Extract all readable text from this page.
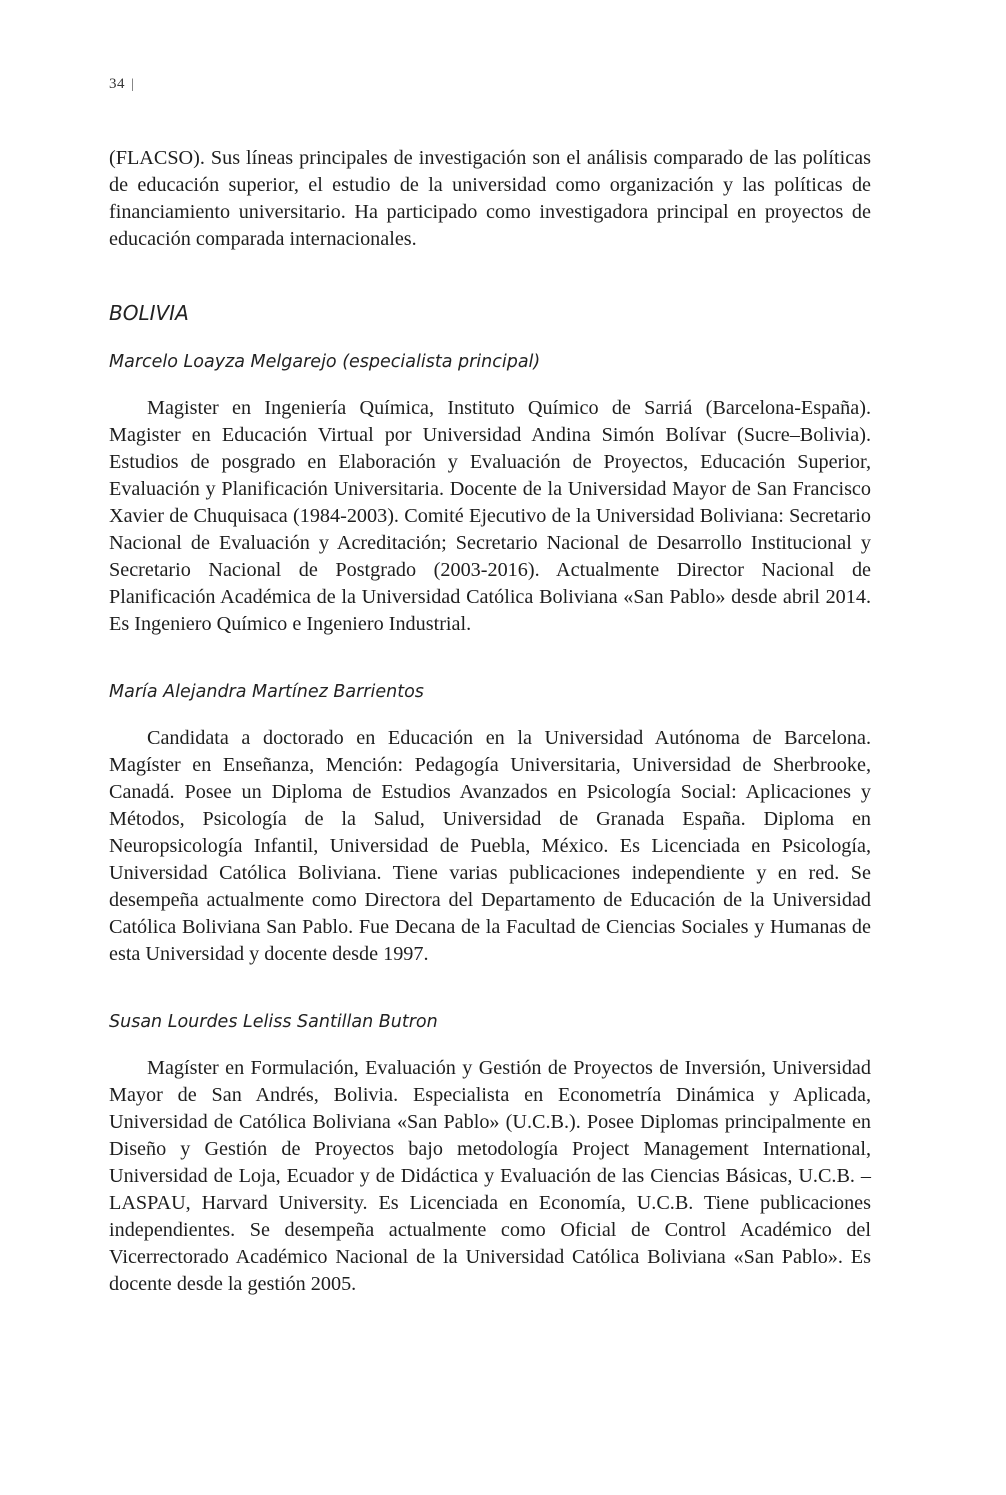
34 |

(FLACSO). Sus líneas principales de investigación son el análisis comparado de las políticas de educación superior, el estudio de la universidad como organización y las políticas de financiamiento universitario. Ha participado como investigadora principal en proyectos de educación comparada internacionales.

BOLIVIA
Marcelo Loayza Melgarejo (especialista principal)

Magister en Ingeniería Química, Instituto Químico de Sarriá (Barcelona-España). Magister en Educación Virtual por Universidad Andina Simón Bolívar (Sucre–Bolivia). Estudios de posgrado en Elaboración y Evaluación de Proyectos, Educación Superior, Evaluación y Planificación Universitaria. Docente de la Universidad Mayor de San Francisco Xavier de Chuquisaca (1984-2003). Comité Ejecutivo de la Universidad Boliviana: Secretario Nacional de Evaluación y Acreditación; Secretario Nacional de Desarrollo Institucional y Secretario Nacional de Postgrado (2003-2016). Actualmente Director Nacional de Planificación Académica de la Universidad Católica Boliviana «San Pablo» desde abril 2014. Es Ingeniero Químico e Ingeniero Industrial.

María Alejandra Martínez Barrientos

Candidata a doctorado en Educación en la Universidad Autónoma de Barcelona. Magíster en Enseñanza, Mención: Pedagogía Universitaria, Universidad de Sherbrooke, Canadá. Posee un Diploma de Estudios Avanzados en Psicología Social: Aplicaciones y Métodos, Psicología de la Salud, Universidad de Granada España. Diploma en Neuropsicología Infantil, Universidad de Puebla, México. Es Licenciada en Psicología, Universidad Católica Boliviana. Tiene varias publicaciones independiente y en red. Se desempeña actualmente como Directora del Departamento de Educación de la Universidad Católica Boliviana San Pablo. Fue Decana de la Facultad de Ciencias Sociales y Humanas de esta Universidad y docente desde 1997.

Susan Lourdes Leliss Santillan Butron

Magíster en Formulación, Evaluación y Gestión de Proyectos de Inversión, Universidad Mayor de San Andrés, Bolivia. Especialista en Econometría Dinámica y Aplicada, Universidad de Católica Boliviana «San Pablo» (U.C.B.). Posee Diplomas principalmente en Diseño y Gestión de Proyectos bajo metodología Project Management International, Universidad de Loja, Ecuador y de Didáctica y Evaluación de las Ciencias Básicas, U.C.B. – LASPAU, Harvard University. Es Licenciada en Economía, U.C.B. Tiene publicaciones independientes. Se desempeña actualmente como Oficial de Control Académico del Vicerrectorado Académico Nacional de la Universidad Católica Boliviana «San Pablo». Es docente desde la gestión 2005.
